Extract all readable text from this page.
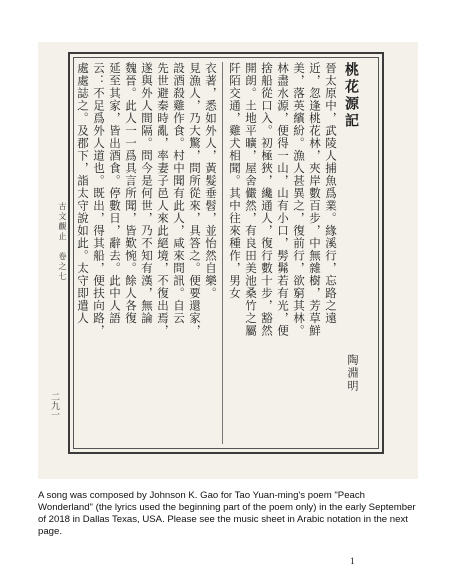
桃花源記
陶淵明
晉太原中，武陵人捕魚爲業。緣溪行，忘路之遠
近，忽逢桃花林，夾岸數百步，中無雜樹，芳草鮮
美，落英繽紛。漁人甚異之，復前行，欲窮其林。
林盡水源，便得一山，山有小口，髣髴若有光，便
捨船從口入。初極狹，纔通人，復行數十步，豁然
開朗。土地平曠，屋舍儼然，有良田美池桑竹之屬
阡陌交通，雞犬相聞。其中往來種作，男女
衣著，悉如外人，黃髮垂髫，並怡然自樂。
見漁人，乃大驚，問所從來，具答之。便要還家，
設酒殺雞作食。村中聞有此人，咸來問訊。自云
先世避秦時亂，率妻子邑人來此絕境，不復出焉，
遂與外人間隔。問今是何世，乃不知有漢，無論
魏晉。此人一一爲具言所聞，皆歎惋。餘人各復
延至其家，皆出酒食。停數日，辭去。此中人語
云：不足爲外人道也。既出，得其船，便扶向路，
處處誌之。及郡下，詣太守說如此。太守即遣人
古文觀止　卷之七
二九一
A song was composed by Johnson K. Gao for Tao Yuan-ming's poem "Peach Wonderland" (the lyrics used the beginning part of the poem only) in the early September of 2018 in Dallas Texas, USA. Please see the music sheet in Arabic notation in the next page.
1
